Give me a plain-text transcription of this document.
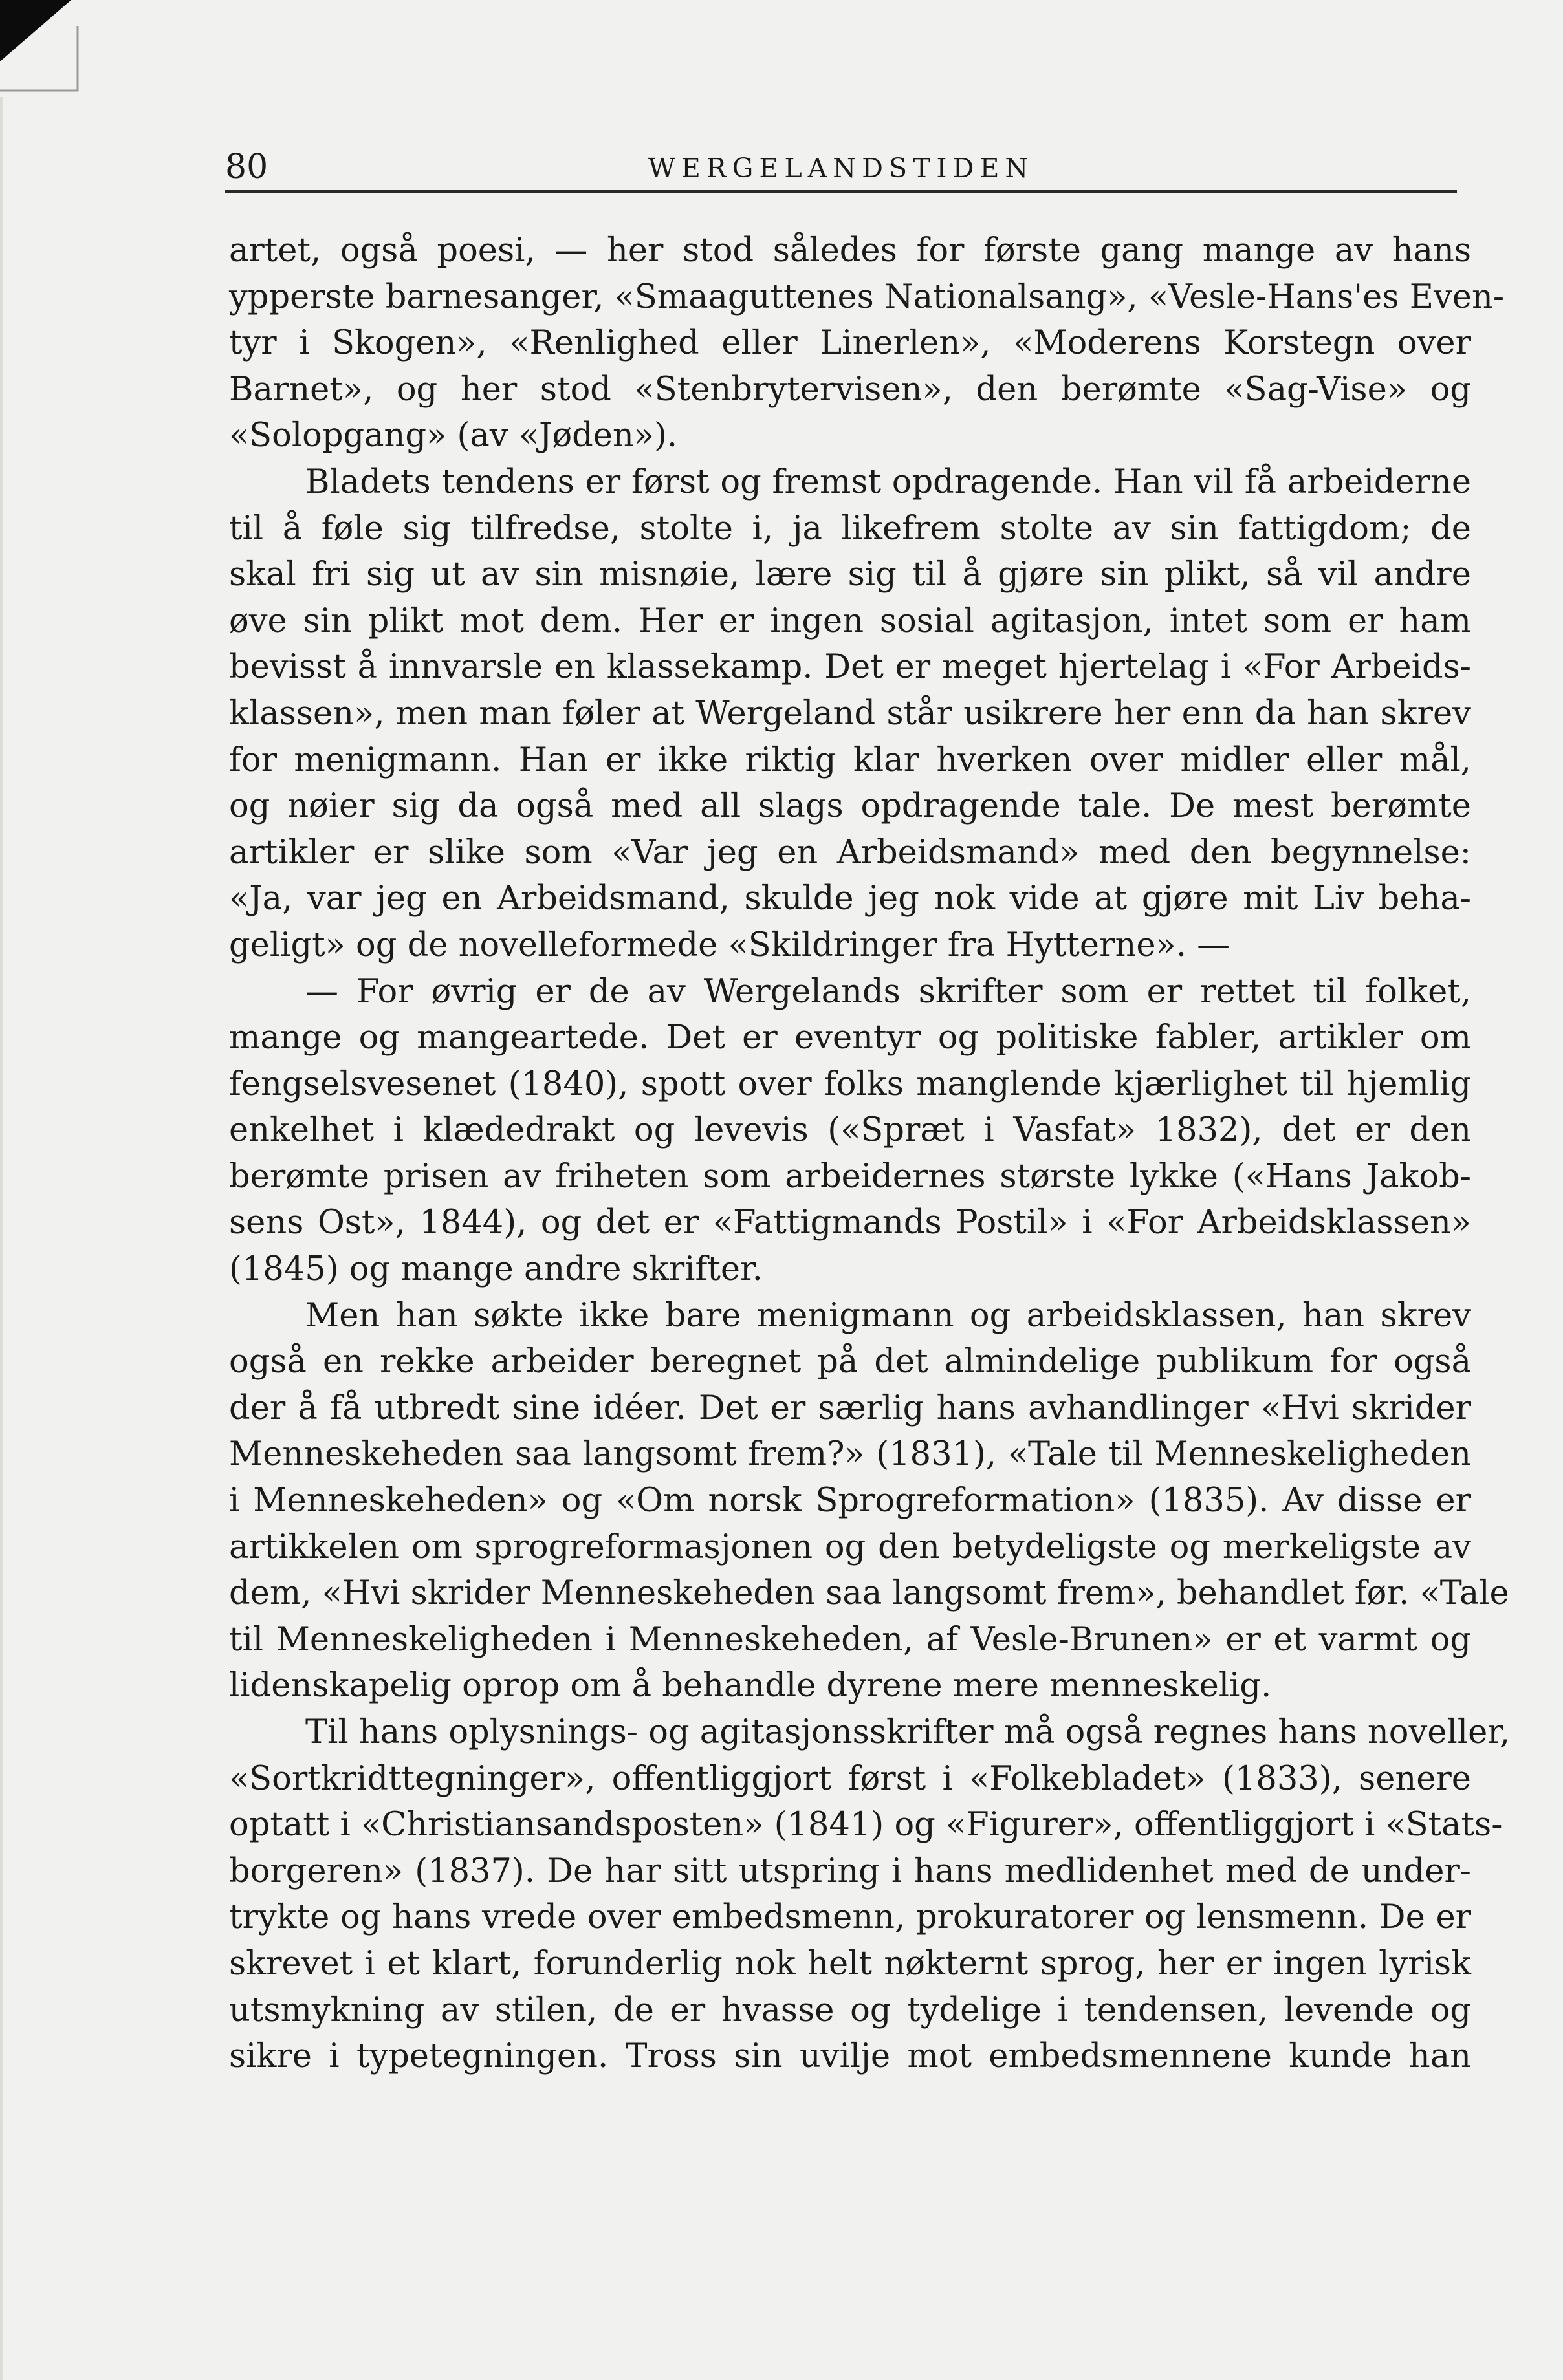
80	WERGELANDSTIDEN

artet, også poesi, — her stod således for første gang mange av hans
ypperste barnesanger, «Smaaguttenes Nationalsang», «Vesle-Hans'es Even-
tyr i Skogen», «Renlighed eller Linerlen», «Moderens Korstegn over
Barnet», og her stod «Stenbrytervisen», den berømte «Sag-Vise» og
«Solopgang» (av «Jøden»).

Bladets tendens er først og fremst opdragende. Han vil få arbeiderne
til å føle sig tilfredse, stolte i, ja likefrem stolte av sin fattigdom; de
skal fri sig ut av sin misnøie, lære sig til å gjøre sin plikt, så vil andre
øve sin plikt mot dem. Her er ingen sosial agitasjon, intet som er ham
bevisst å innvarsle en klassekamp. Det er meget hjertelag i «For Arbeids-
klassen», men man føler at Wergeland står usikrere her enn da han skrev
for menigmann. Han er ikke riktig klar hverken over midler eller mål,
og nøier sig da også med all slags opdragende tale. De mest berømte
artikler er slike som «Var jeg en Arbeidsmand» med den begynnelse:
«Ja, var jeg en Arbeidsmand, skulde jeg nok vide at gjøre mit Liv beha-
geligt» og de novelleformede «Skildringer fra Hytterne». —

— For øvrig er de av Wergelands skrifter som er rettet til folket,
mange og mangeartede. Det er eventyr og politiske fabler, artikler om
fengselsvesenet (1840), spott over folks manglende kjærlighet til hjemlig
enkelhet i klædedrakt og levevis («Spræt i Vasfat» 1832), det er den
berømte prisen av friheten som arbeidernes største lykke («Hans Jakob-
sens Ost», 1844), og det er «Fattigmands Postil» i «For Arbeidsklassen»
(1845) og mange andre skrifter.

Men han søkte ikke bare menigmann og arbeidsklassen, han skrev
også en rekke arbeider beregnet på det almindelige publikum for også
der å få utbredt sine idéer. Det er særlig hans avhandlinger «Hvi skrider
Menneskeheden saa langsomt frem?» (1831), «Tale til Menneskeligheden
i Menneskeheden» og «Om norsk Sprogreformation» (1835). Av disse er
artikkelen om sprogreformasjonen og den betydeligste og merkeligste av
dem, «Hvi skrider Menneskeheden saa langsomt frem», behandlet før. «Tale
til Menneskeligheden i Menneskeheden, af Vesle-Brunen» er et varmt og
lidenskapelig oprop om å behandle dyrene mere menneskelig.

Til hans oplysnings- og agitasjonsskrifter må også regnes hans noveller,
«Sortkridttegninger», offentliggjort først i «Folkebladet» (1833), senere
optatt i «Christiansandsposten» (1841) og «Figurer», offentliggjort i «Stats-
borgeren» (1837). De har sitt utspring i hans medlidenhet med de under-
trykte og hans vrede over embedsmenn, prokuratorer og lensmenn. De er
skrevet i et klart, forunderlig nok helt nøkternt sprog, her er ingen lyrisk
utsmykning av stilen, de er hvasse og tydelige i tendensen, levende og
sikre i typetegningen. Tross sin uvilje mot embedsmennene kunde han
